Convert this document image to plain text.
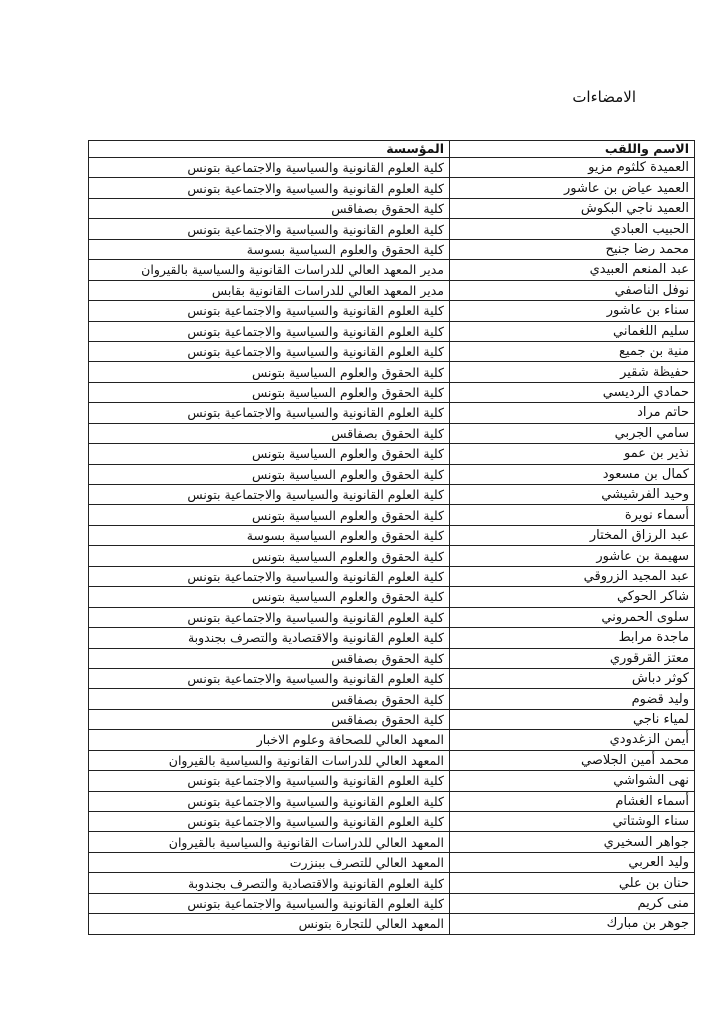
الامضاءات
الاسم واللقب	المؤسسة
العميدة كلثوم مزيو	كلية العلوم القانونية والسياسية والاجتماعية بتونس
العميد عياض بن عاشور	كلية العلوم القانونية والسياسية والاجتماعية بتونس
العميد ناجي البكوش	كلية الحقوق بصفاقس
الحبيب العبادي	كلية العلوم القانونية والسياسية والاجتماعية بتونس
محمد رضا جنيح	كلية الحقوق والعلوم السياسية بسوسة
عبد المنعم العبيدي	مدير المعهد العالي للدراسات القانونية والسياسية بالقيروان
نوفل الناصفي	مدير المعهد العالي للدراسات القانونية بقابس
سناء بن عاشور	كلية العلوم القانونية والسياسية والاجتماعية بتونس
سليم اللغماني	كلية العلوم القانونية والسياسية والاجتماعية بتونس
منية بن جميع	كلية العلوم القانونية والسياسية والاجتماعية بتونس
حفيظة شقير	كلية الحقوق والعلوم السياسية بتونس
حمادي الرديسي	كلية الحقوق والعلوم السياسية بتونس
حاتم مراد	كلية العلوم القانونية والسياسية والاجتماعية بتونس
سامي الجربي	كلية الحقوق بصفاقس
نذير بن عمو	كلية الحقوق والعلوم السياسية بتونس
كمال بن مسعود	كلية الحقوق والعلوم السياسية بتونس
وحيد الفرشيشي	كلية العلوم القانونية والسياسية والاجتماعية بتونس
أسماء نويرة	كلية الحقوق والعلوم السياسية بتونس
عبد الرزاق المختار	كلية الحقوق والعلوم السياسية بسوسة
سهيمة بن عاشور	كلية الحقوق والعلوم السياسية بتونس
عبد المجيد الزروقي	كلية العلوم القانونية والسياسية والاجتماعية بتونس
شاكر الحوكي	كلية الحقوق والعلوم السياسية بتونس
سلوى الحمروني	كلية العلوم القانونية والسياسية والاجتماعية بتونس
ماجدة مرابط	كلية العلوم القانونية والاقتصادية والتصرف بجندوبة
معتز القرقوري	كلية الحقوق بصفاقس
كوثر دباش	كلية العلوم القانونية والسياسية والاجتماعية بتونس
وليد قضوم	كلية الحقوق بصفاقس
لمياء ناجي	كلية الحقوق بصفاقس
أيمن الزغدودي	المعهد العالي للصحافة وعلوم الاخبار
محمد أمين الجلاصي	المعهد العالي للدراسات القانونية والسياسية بالقيروان
نهى الشواشي	كلية العلوم القانونية والسياسية والاجتماعية بتونس
أسماء الغشام	كلية العلوم القانونية والسياسية والاجتماعية بتونس
سناء الوشتاتي	كلية العلوم القانونية والسياسية والاجتماعية بتونس
جواهر السخيري	المعهد العالي للدراسات القانونية والسياسية بالقيروان
وليد العربي	المعهد العالي للتصرف ببنزرت
حنان بن علي	كلية العلوم القانونية والاقتصادية والتصرف بجندوبة
منى كريم	كلية العلوم القانونية والسياسية والاجتماعية بتونس
جوهر بن مبارك	المعهد العالي للتجارة بتونس
